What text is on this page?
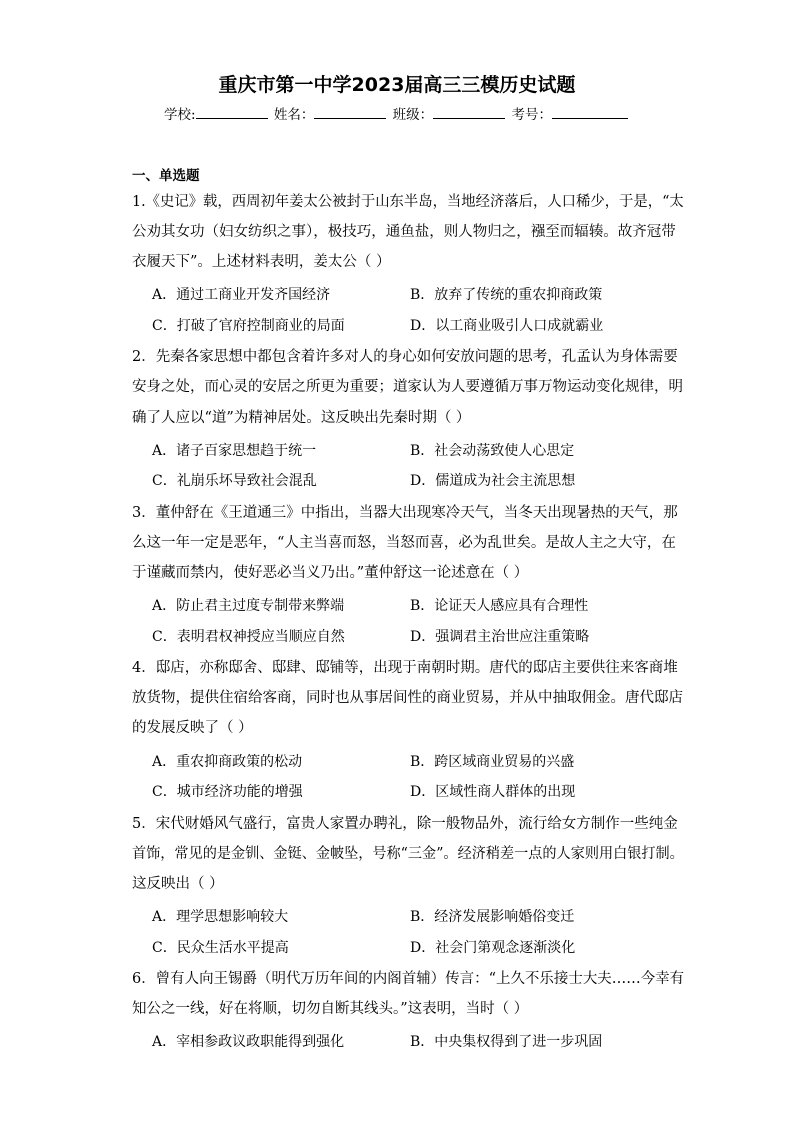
重庆市第一中学2023届高三三模历史试题
学校:	姓名：	班级：	考号：
一、单选题
1.《史记》载，西周初年姜太公被封于山东半岛，当地经济落后，人口稀少，于是，“太
公劝其女功（妇女纺织之事），极技巧，通鱼盐，则人物归之，襁至而辐辏。故齐冠带
衣履天下”。上述材料表明，姜太公（ ）
A．通过工商业开发齐国经济	B．放弃了传统的重农抑商政策
C．打破了官府控制商业的局面	D．以工商业吸引人口成就霸业
2．先秦各家思想中都包含着许多对人的身心如何安放问题的思考，孔孟认为身体需要
安身之处，而心灵的安居之所更为重要；道家认为人要遵循万事万物运动变化规律，明
确了人应以“道”为精神居处。这反映出先秦时期（ ）
A．诸子百家思想趋于统一	B．社会动荡致使人心思定
C．礼崩乐坏导致社会混乱	D．儒道成为社会主流思想
3．董仲舒在《王道通三》中指出，当器大出现寒冷天气，当冬天出现暑热的天气，那
么这一年一定是恶年，“人主当喜而怒，当怒而喜，必为乱世矣。是故人主之大守，在
于谨藏而禁内，使好恶必当义乃出。”董仲舒这一论述意在（ ）
A．防止君主过度专制带来弊端	B．论证天人感应具有合理性
C．表明君权神授应当顺应自然	D．强调君主治世应注重策略
4．邸店，亦称邸舍、邸肆、邸铺等，出现于南朝时期。唐代的邸店主要供往来客商堆
放货物，提供住宿给客商，同时也从事居间性的商业贸易，并从中抽取佣金。唐代邸店
的发展反映了（ ）
A．重农抑商政策的松动	B．跨区域商业贸易的兴盛
C．城市经济功能的增强	D．区域性商人群体的出现
5．宋代财婚风气盛行，富贵人家置办聘礼，除一般物品外，流行给女方制作一些纯金
首饰，常见的是金钏、金铤、金帔坠，号称“三金”。经济稍差一点的人家则用白银打制。
这反映出（ ）
A．理学思想影响较大	B．经济发展影响婚俗变迁
C．民众生活水平提高	D．社会门第观念逐渐淡化
6．曾有人向王锡爵（明代万历年间的内阁首辅）传言：“上久不乐接士大夫……今幸有
知公之一线，好在将顺，切勿自断其线头。”这表明，当时（ ）
A．宰相参政议政职能得到强化	B．中央集权得到了进一步巩固
